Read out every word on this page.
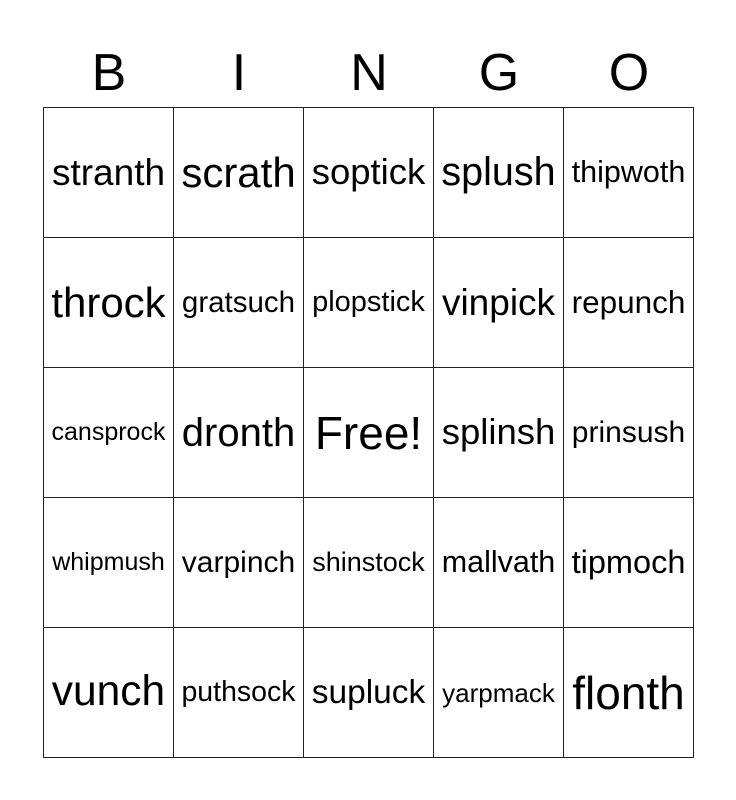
B	I	N	G	O
stranth scrath soptick splush thipwoth
throck gratsuch plopstick vinpick repunch
cansprock dronth Free! splinsh prinsush
whipmush varpinch shinstock mallvath tipmoch
vunch puthsock supluck yarpmack flonth
